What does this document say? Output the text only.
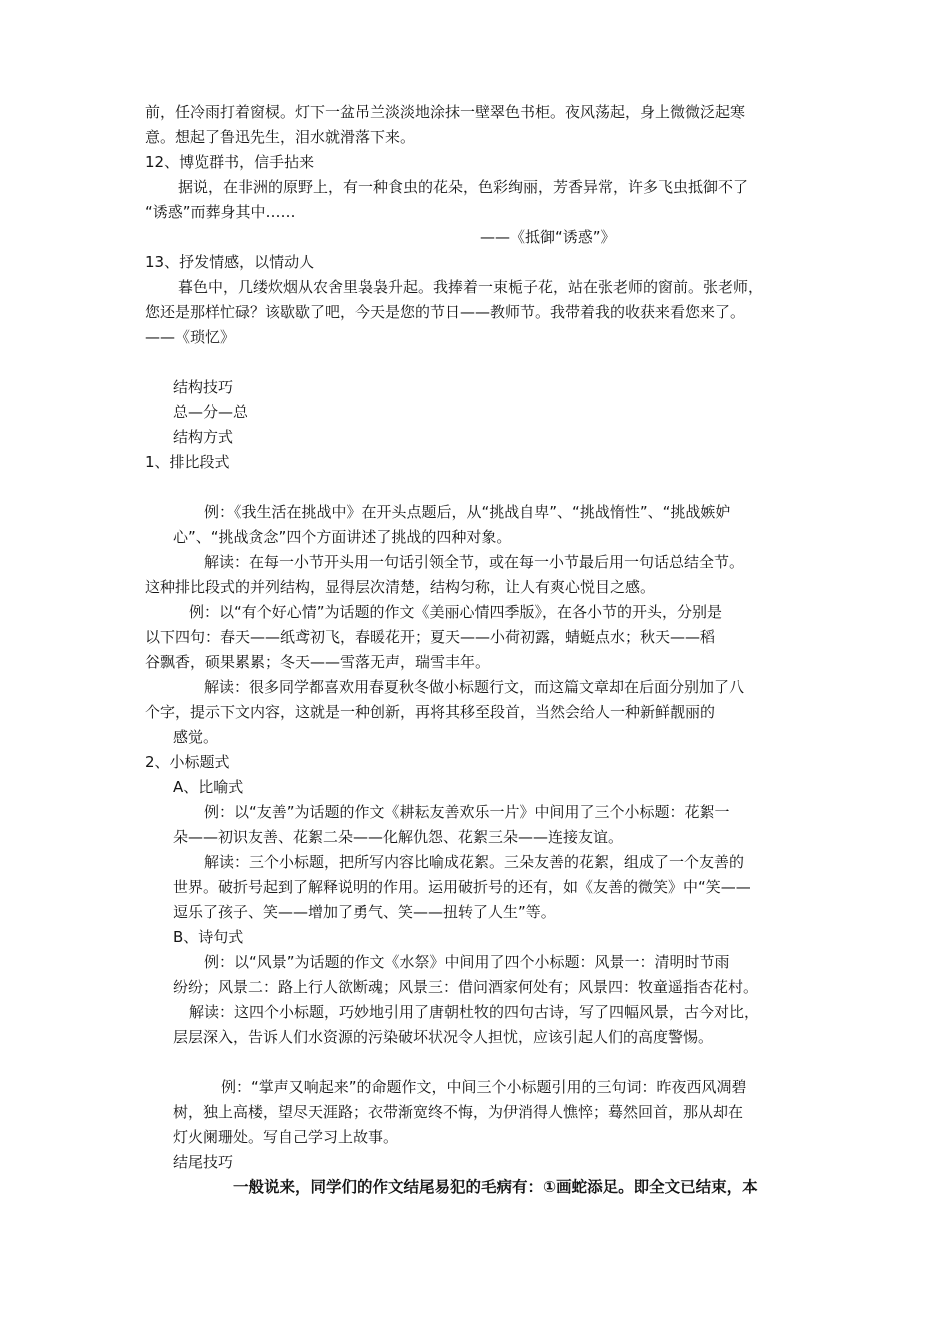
前，任冷雨打着窗棂。灯下一盆吊兰淡淡地涂抹一壁翠色书柜。夜风荡起，身上微微泛起寒
意。想起了鲁迅先生，泪水就滑落下来。
12、博览群书，信手拈来
据说，在非洲的原野上，有一种食虫的花朵，色彩绚丽，芳香异常，许多飞虫抵御不了
“诱惑”而葬身其中……
——《抵御“诱惑”》
13、抒发情感，以情动人
暮色中，几缕炊烟从农舍里袅袅升起。我捧着一束栀子花，站在张老师的窗前。张老师，
您还是那样忙碌？该歇歇了吧，今天是您的节日——教师节。我带着我的收获来看您来了。
——《琐忆》
结构技巧
总—分—总
结构方式
1、排比段式
例：《我生活在挑战中》在开头点题后，从“挑战自卑”、“挑战惰性”、“挑战嫉妒
心”、“挑战贪念”四个方面讲述了挑战的四种对象。
解读：在每一小节开头用一句话引领全节，或在每一小节最后用一句话总结全节。
这种排比段式的并列结构，显得层次清楚，结构匀称，让人有爽心悦目之感。
例：以“有个好心情”为话题的作文《美丽心情四季版》，在各小节的开头，分别是
以下四句：春天——纸鸢初飞，春暖花开；夏天——小荷初露，蜻蜓点水；秋天——稻
谷飘香，硕果累累；冬天——雪落无声，瑞雪丰年。
解读：很多同学都喜欢用春夏秋冬做小标题行文，而这篇文章却在后面分别加了八
个字，提示下文内容，这就是一种创新，再将其移至段首，当然会给人一种新鲜靓丽的
感觉。
2、小标题式
A、比喻式
例：以“友善”为话题的作文《耕耘友善欢乐一片》中间用了三个小标题：花絮一
朵——初识友善、花絮二朵——化解仇怨、花絮三朵——连接友谊。
解读：三个小标题，把所写内容比喻成花絮。三朵友善的花絮，组成了一个友善的
世界。破折号起到了解释说明的作用。运用破折号的还有，如《友善的微笑》中“笑——
逗乐了孩子、笑——增加了勇气、笑——扭转了人生”等。
B、诗句式
例：以“风景”为话题的作文《水祭》中间用了四个小标题：风景一：清明时节雨
纷纷；风景二：路上行人欲断魂；风景三：借问酒家何处有；风景四：牧童遥指杏花村。
解读：这四个小标题，巧妙地引用了唐朝杜牧的四句古诗，写了四幅风景，古今对比，
层层深入，告诉人们水资源的污染破坏状况令人担忧，应该引起人们的高度警惕。
例：“掌声又响起来”的命题作文，中间三个小标题引用的三句词：昨夜西风凋碧
树，独上高楼，望尽天涯路；衣带渐宽终不悔，为伊消得人憔悴；蓦然回首，那从却在
灯火阑珊处。写自己学习上故事。
结尾技巧
一般说来，同学们的作文结尾易犯的毛病有：①画蛇添足。即全文已结束，本
